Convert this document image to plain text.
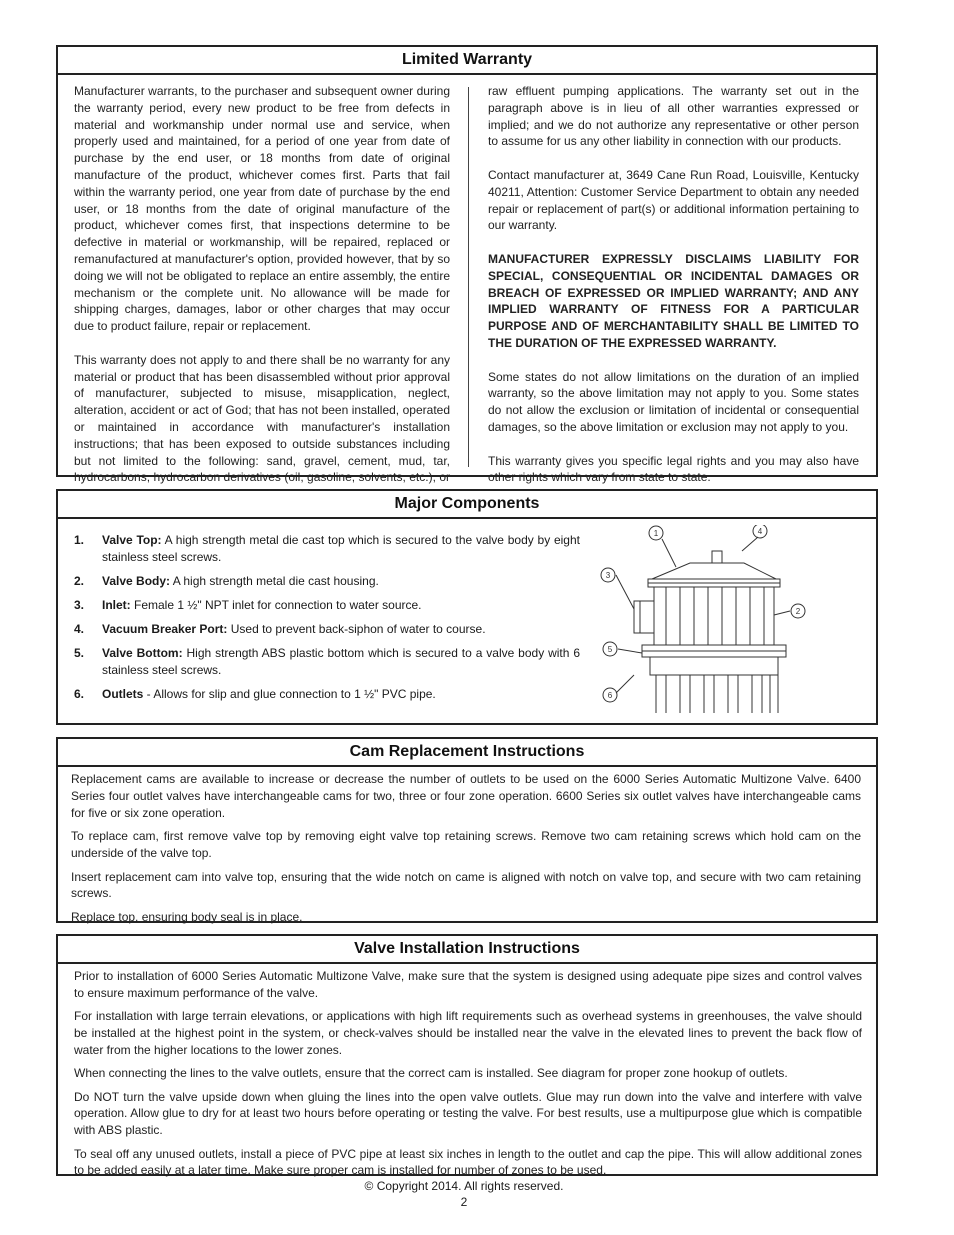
Limited Warranty

Manufacturer warrants, to the purchaser and subsequent owner during the warranty period, every new product to be free from defects in material and workmanship under normal use and service, when properly used and maintained, for a period of one year from date of purchase by the end user, or 18 months from date of original manufacture of the product, whichever comes first. Parts that fail within the warranty period, one year from date of purchase by the end user, or 18 months from the date of original manufacture of the product, whichever comes first, that inspections determine to be defective in material or workmanship, will be repaired, replaced or remanufactured at manufacturer's option, provided however, that by so doing we will not be obligated to replace an entire assembly, the entire mechanism or the complete unit. No allowance will be made for shipping charges, damages, labor or other charges that may occur due to product failure, repair or replacement.

This warranty does not apply to and there shall be no warranty for any material or product that has been disassembled without prior approval of manufacturer, subjected to misuse, misapplication, neglect, alteration, accident or act of God; that has not been installed, operated or maintained in accordance with manufacturer's installation instructions; that has been exposed to outside substances including but not limited to the following: sand, gravel, cement, mud, tar, hydrocarbons, hydrocarbon derivatives (oil, gasoline, solvents, etc.), or

raw effluent pumping applications. The warranty set out in the paragraph above is in lieu of all other warranties expressed or implied; and we do not authorize any representative or other person to assume for us any other liability in connection with our products.

Contact manufacturer at, 3649 Cane Run Road, Louisville, Kentucky 40211, Attention: Customer Service Department to obtain any needed repair or replacement of part(s) or additional information pertaining to our warranty.

MANUFACTURER EXPRESSLY DISCLAIMS LIABILITY FOR SPECIAL, CONSEQUENTIAL OR INCIDENTAL DAMAGES OR BREACH OF EXPRESSED OR IMPLIED WARRANTY; AND ANY IMPLIED WARRANTY OF FITNESS FOR A PARTICULAR PURPOSE AND OF MERCHANTABILITY SHALL BE LIMITED TO THE DURATION OF THE EXPRESSED WARRANTY.

Some states do not allow limitations on the duration of an implied warranty, so the above limitation may not apply to you. Some states do not allow the exclusion or limitation of incidental or consequential damages, so the above limitation or exclusion may not apply to you.

This warranty gives you specific legal rights and you may also have other rights which vary from state to state.

Major Components
1. Valve Top: A high strength metal die cast top which is secured to the valve body by eight stainless steel screws.
2. Valve Body: A high strength metal die cast housing.
3. Inlet: Female 1 ½" NPT inlet for connection to water source.
4. Vacuum Breaker Port: Used to prevent back-siphon of water to course.
5. Valve Bottom: High strength ABS plastic bottom which is secured to a valve body with 6 stainless steel screws.
6. Outlets - Allows for slip and glue connection to 1 ½" PVC pipe.
1
2
3
4
5
6
Cam Replacement Instructions

Replacement cams are available to increase or decrease the number of outlets to be used on the 6000 Series Automatic Multizone Valve. 6400 Series four outlet valves have interchangeable cams for two, three or four zone operation. 6600 Series six outlet valves have interchangeable cams for five or six zone operation.

To replace cam, first remove valve top by removing eight valve top retaining screws. Remove two cam retaining screws which hold cam on the underside of the valve top.

Insert replacement cam into valve top, ensuring that the wide notch on came is aligned with notch on valve top, and secure with two cam retaining screws.

Replace top, ensuring body seal is in place.

Valve Installation Instructions

Prior to installation of 6000 Series Automatic Multizone Valve, make sure that the system is designed using adequate pipe sizes and control valves to ensure maximum performance of the valve.

For installation with large terrain elevations, or applications with high lift requirements such as overhead systems in greenhouses, the valve should be installed at the highest point in the system, or check-valves should be installed near the valve in the elevated lines to prevent the back flow of water from the higher locations to the lower zones.

When connecting the lines to the valve outlets, ensure that the correct cam is installed. See diagram for proper zone hookup of outlets.

Do NOT turn the valve upside down when gluing the lines into the open valve outlets. Glue may run down into the valve and interfere with valve operation. Allow glue to dry for at least two hours before operating or testing the valve. For best results, use a multipurpose glue which is compatible with ABS plastic.

To seal off any unused outlets, install a piece of PVC pipe at least six inches in length to the outlet and cap the pipe. This will allow additional zones to be added easily at a later time. Make sure proper cam is installed for number of zones to be used.

© Copyright 2014. All rights reserved.
2
